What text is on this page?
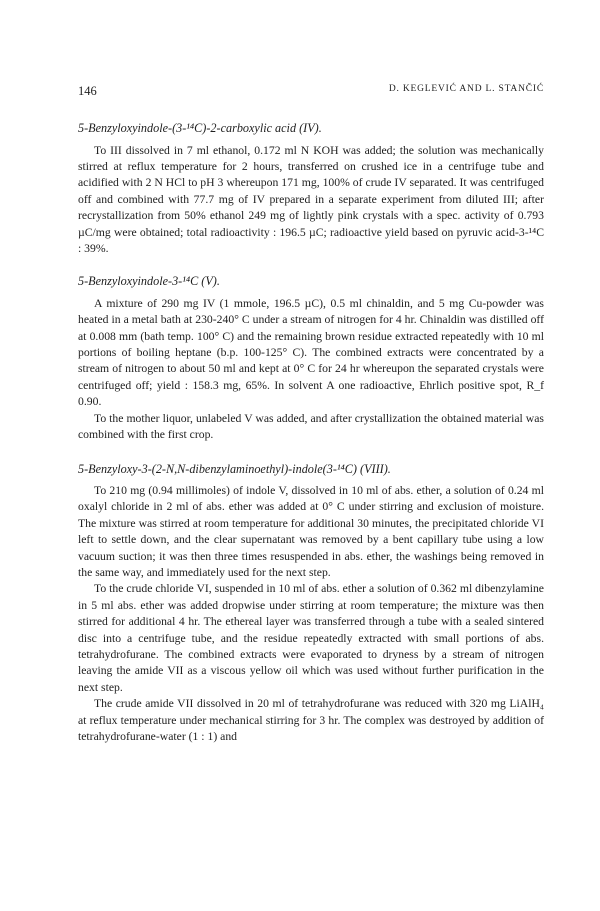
146	D. KEGLEVIĆ AND L. STANČIĆ
5-Benzyloxyindole-(3-¹⁴C)-2-carboxylic acid (IV).

To III dissolved in 7 ml ethanol, 0.172 ml N KOH was added; the solution was mechanically stirred at reflux temperature for 2 hours, transferred on crushed ice in a centrifuge tube and acidified with 2 N HCl to pH 3 whereupon 171 mg, 100% of crude IV separated. It was centrifuged off and combined with 77.7 mg of IV prepared in a separate experiment from diluted III; after recrystallization from 50% ethanol 249 mg of lightly pink crystals with a spec. activity of 0.793 µC/mg were obtained; total radioactivity : 196.5 µC; radioactive yield based on pyruvic acid-3-¹⁴C : 39%.

5-Benzyloxyindole-3-¹⁴C (V).

A mixture of 290 mg IV (1 mmole, 196.5 µC), 0.5 ml chinaldin, and 5 mg Cu-powder was heated in a metal bath at 230-240° C under a stream of nitrogen for 4 hr. Chinaldin was distilled off at 0.008 mm (bath temp. 100° C) and the remaining brown residue extracted repeatedly with 10 ml portions of boiling heptane (b.p. 100-125° C). The combined extracts were concentrated by a stream of nitrogen to about 50 ml and kept at 0° C for 24 hr whereupon the separated crystals were centrifuged off; yield : 158.3 mg, 65%. In solvent A one radioactive, Ehrlich positive spot, R_f 0.90.

To the mother liquor, unlabeled V was added, and after crystallization the obtained material was combined with the first crop.

5-Benzyloxy-3-(2-N,N-dibenzylaminoethyl)-indole(3-¹⁴C) (VIII).

To 210 mg (0.94 millimoles) of indole V, dissolved in 10 ml of abs. ether, a solution of 0.24 ml oxalyl chloride in 2 ml of abs. ether was added at 0° C under stirring and exclusion of moisture. The mixture was stirred at room temperature for additional 30 minutes, the precipitated chloride VI left to settle down, and the clear supernatant was removed by a bent capillary tube using a low vacuum suction; it was then three times resuspended in abs. ether, the washings being removed in the same way, and immediately used for the next step.

To the crude chloride VI, suspended in 10 ml of abs. ether a solution of 0.362 ml dibenzylamine in 5 ml abs. ether was added dropwise under stirring at room temperature; the mixture was then stirred for additional 4 hr. The ethereal layer was transferred through a tube with a sealed sintered disc into a centrifuge tube, and the residue repeatedly extracted with small portions of abs. tetrahydrofurane. The combined extracts were evaporated to dryness by a stream of nitrogen leaving the amide VII as a viscous yellow oil which was used without further purification in the next step.

The crude amide VII dissolved in 20 ml of tetrahydrofurane was reduced with 320 mg LiAlH₄ at reflux temperature under mechanical stirring for 3 hr. The complex was destroyed by addition of tetrahydrofurane-water (1 : 1) and
